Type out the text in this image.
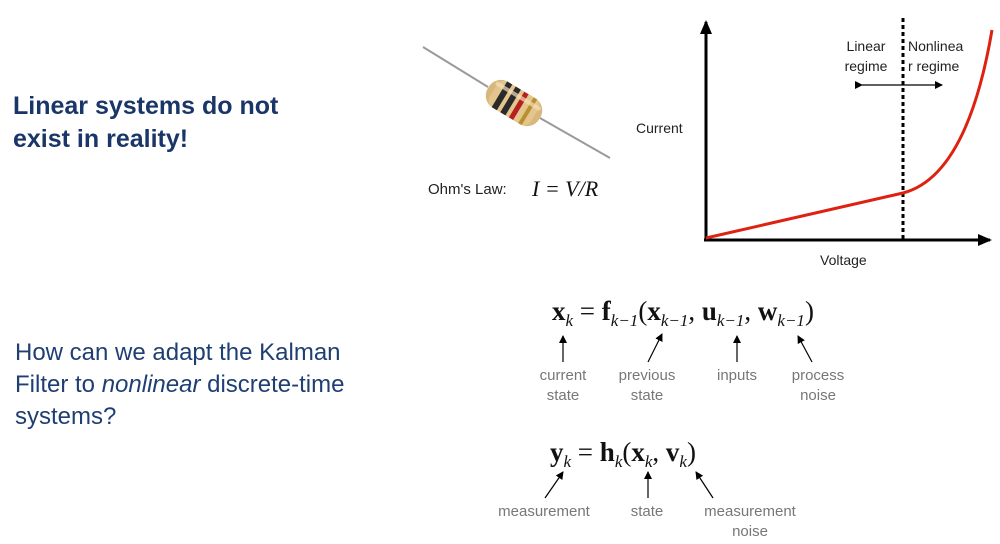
Linear systems do not
exist in reality!
How can we adapt the Kalman
Filter to nonlinear discrete-time
systems?
Ohm's Law: I = V/R
Current
Voltage
Linear
regime
Nonlinea
r regime
$x_k = f_{k-1}(x_{k-1}$, $u_{k-1}$, $w_{k-1}$)
current
state
previous
state
inputs	process
noise
$y_k = h_k(x_k$, $v_k$)
measurement	state	measurement
noise
